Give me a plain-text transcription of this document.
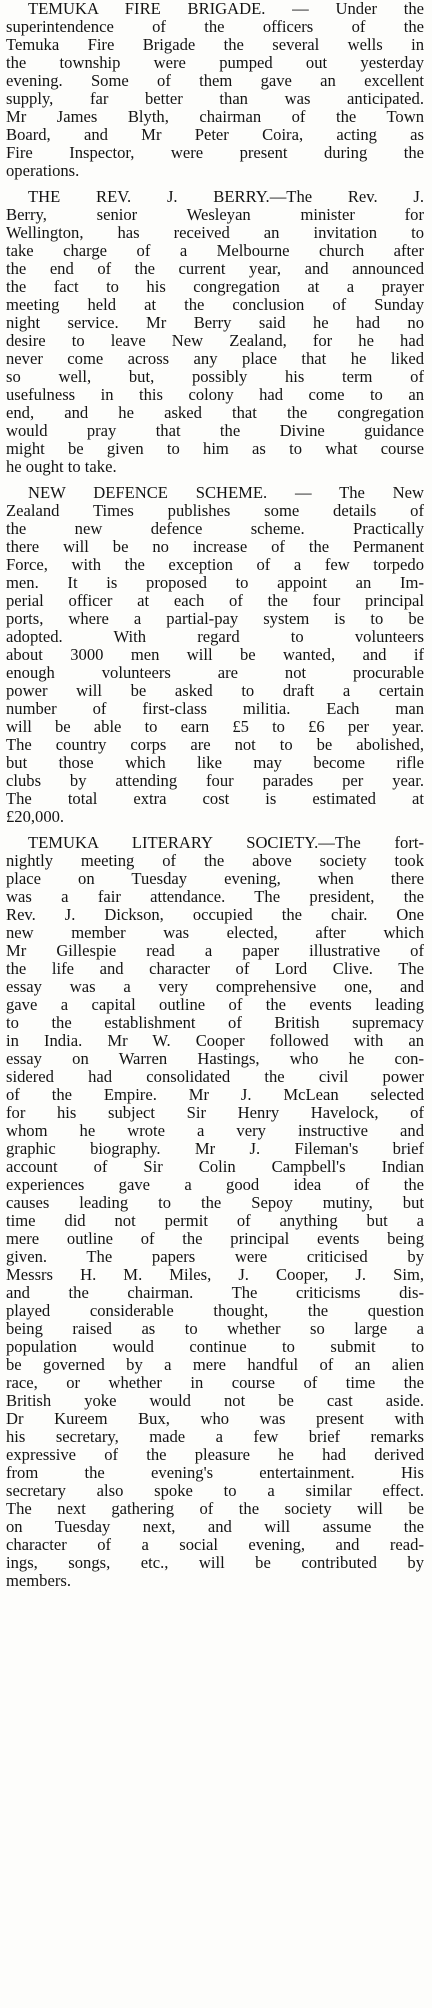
TEMUKA FIRE BRIGADE. — Under the
superintendence of the officers of the
Temuka Fire Brigade the several wells in
the township were pumped out yesterday
evening. Some of them gave an excellent
supply, far better than was anticipated.
Mr James Blyth, chairman of the Town
Board, and Mr Peter Coira, acting as
Fire Inspector, were present during the
operations.
THE REV. J. BERRY.—The Rev. J.
Berry, senior Wesleyan minister for
Wellington, has received an invitation to
take charge of a Melbourne church after
the end of the current year, and announced
the fact to his congregation at a prayer
meeting held at the conclusion of Sunday
night service. Mr Berry said he had no
desire to leave New Zealand, for he had
never come across any place that he liked
so well, but, possibly his term of
usefulness in this colony had come to an
end, and he asked that the congregation
would pray that the Divine guidance
might be given to him as to what course
he ought to take.
NEW DEFENCE SCHEME. — The New
Zealand Times publishes some details of
the new defence scheme. Practically
there will be no increase of the Permanent
Force, with the exception of a few torpedo
men. It is proposed to appoint an Im-
perial officer at each of the four principal
ports, where a partial-pay system is to be
adopted. With regard to volunteers
about 3000 men will be wanted, and if
enough volunteers are not procurable
power will be asked to draft a certain
number of first-class militia. Each man
will be able to earn £5 to £6 per year.
The country corps are not to be abolished,
but those which like may become rifle
clubs by attending four parades per year.
The total extra cost is estimated at
£20,000.
TEMUKA LITERARY SOCIETY.—The fort-
nightly meeting of the above society took
place on Tuesday evening, when there
was a fair attendance. The president, the
Rev. J. Dickson, occupied the chair. One
new member was elected, after which
Mr Gillespie read a paper illustrative of
the life and character of Lord Clive. The
essay was a very comprehensive one, and
gave a capital outline of the events leading
to the establishment of British supremacy
in India. Mr W. Cooper followed with an
essay on Warren Hastings, who he con-
sidered had consolidated the civil power
of the Empire. Mr J. McLean selected
for his subject Sir Henry Havelock, of
whom he wrote a very instructive and
graphic biography. Mr J. Fileman's brief
account of Sir Colin Campbell's Indian
experiences gave a good idea of the
causes leading to the Sepoy mutiny, but
time did not permit of anything but a
mere outline of the principal events being
given. The papers were criticised by
Messrs H. M. Miles, J. Cooper, J. Sim,
and the chairman. The criticisms dis-
played considerable thought, the question
being raised as to whether so large a
population would continue to submit to
be governed by a mere handful of an alien
race, or whether in course of time the
British yoke would not be cast aside.
Dr Kureem Bux, who was present with
his secretary, made a few brief remarks
expressive of the pleasure he had derived
from the evening's entertainment. His
secretary also spoke to a similar effect.
The next gathering of the society will be
on Tuesday next, and will assume the
character of a social evening, and read-
ings, songs, etc., will be contributed by
members.
